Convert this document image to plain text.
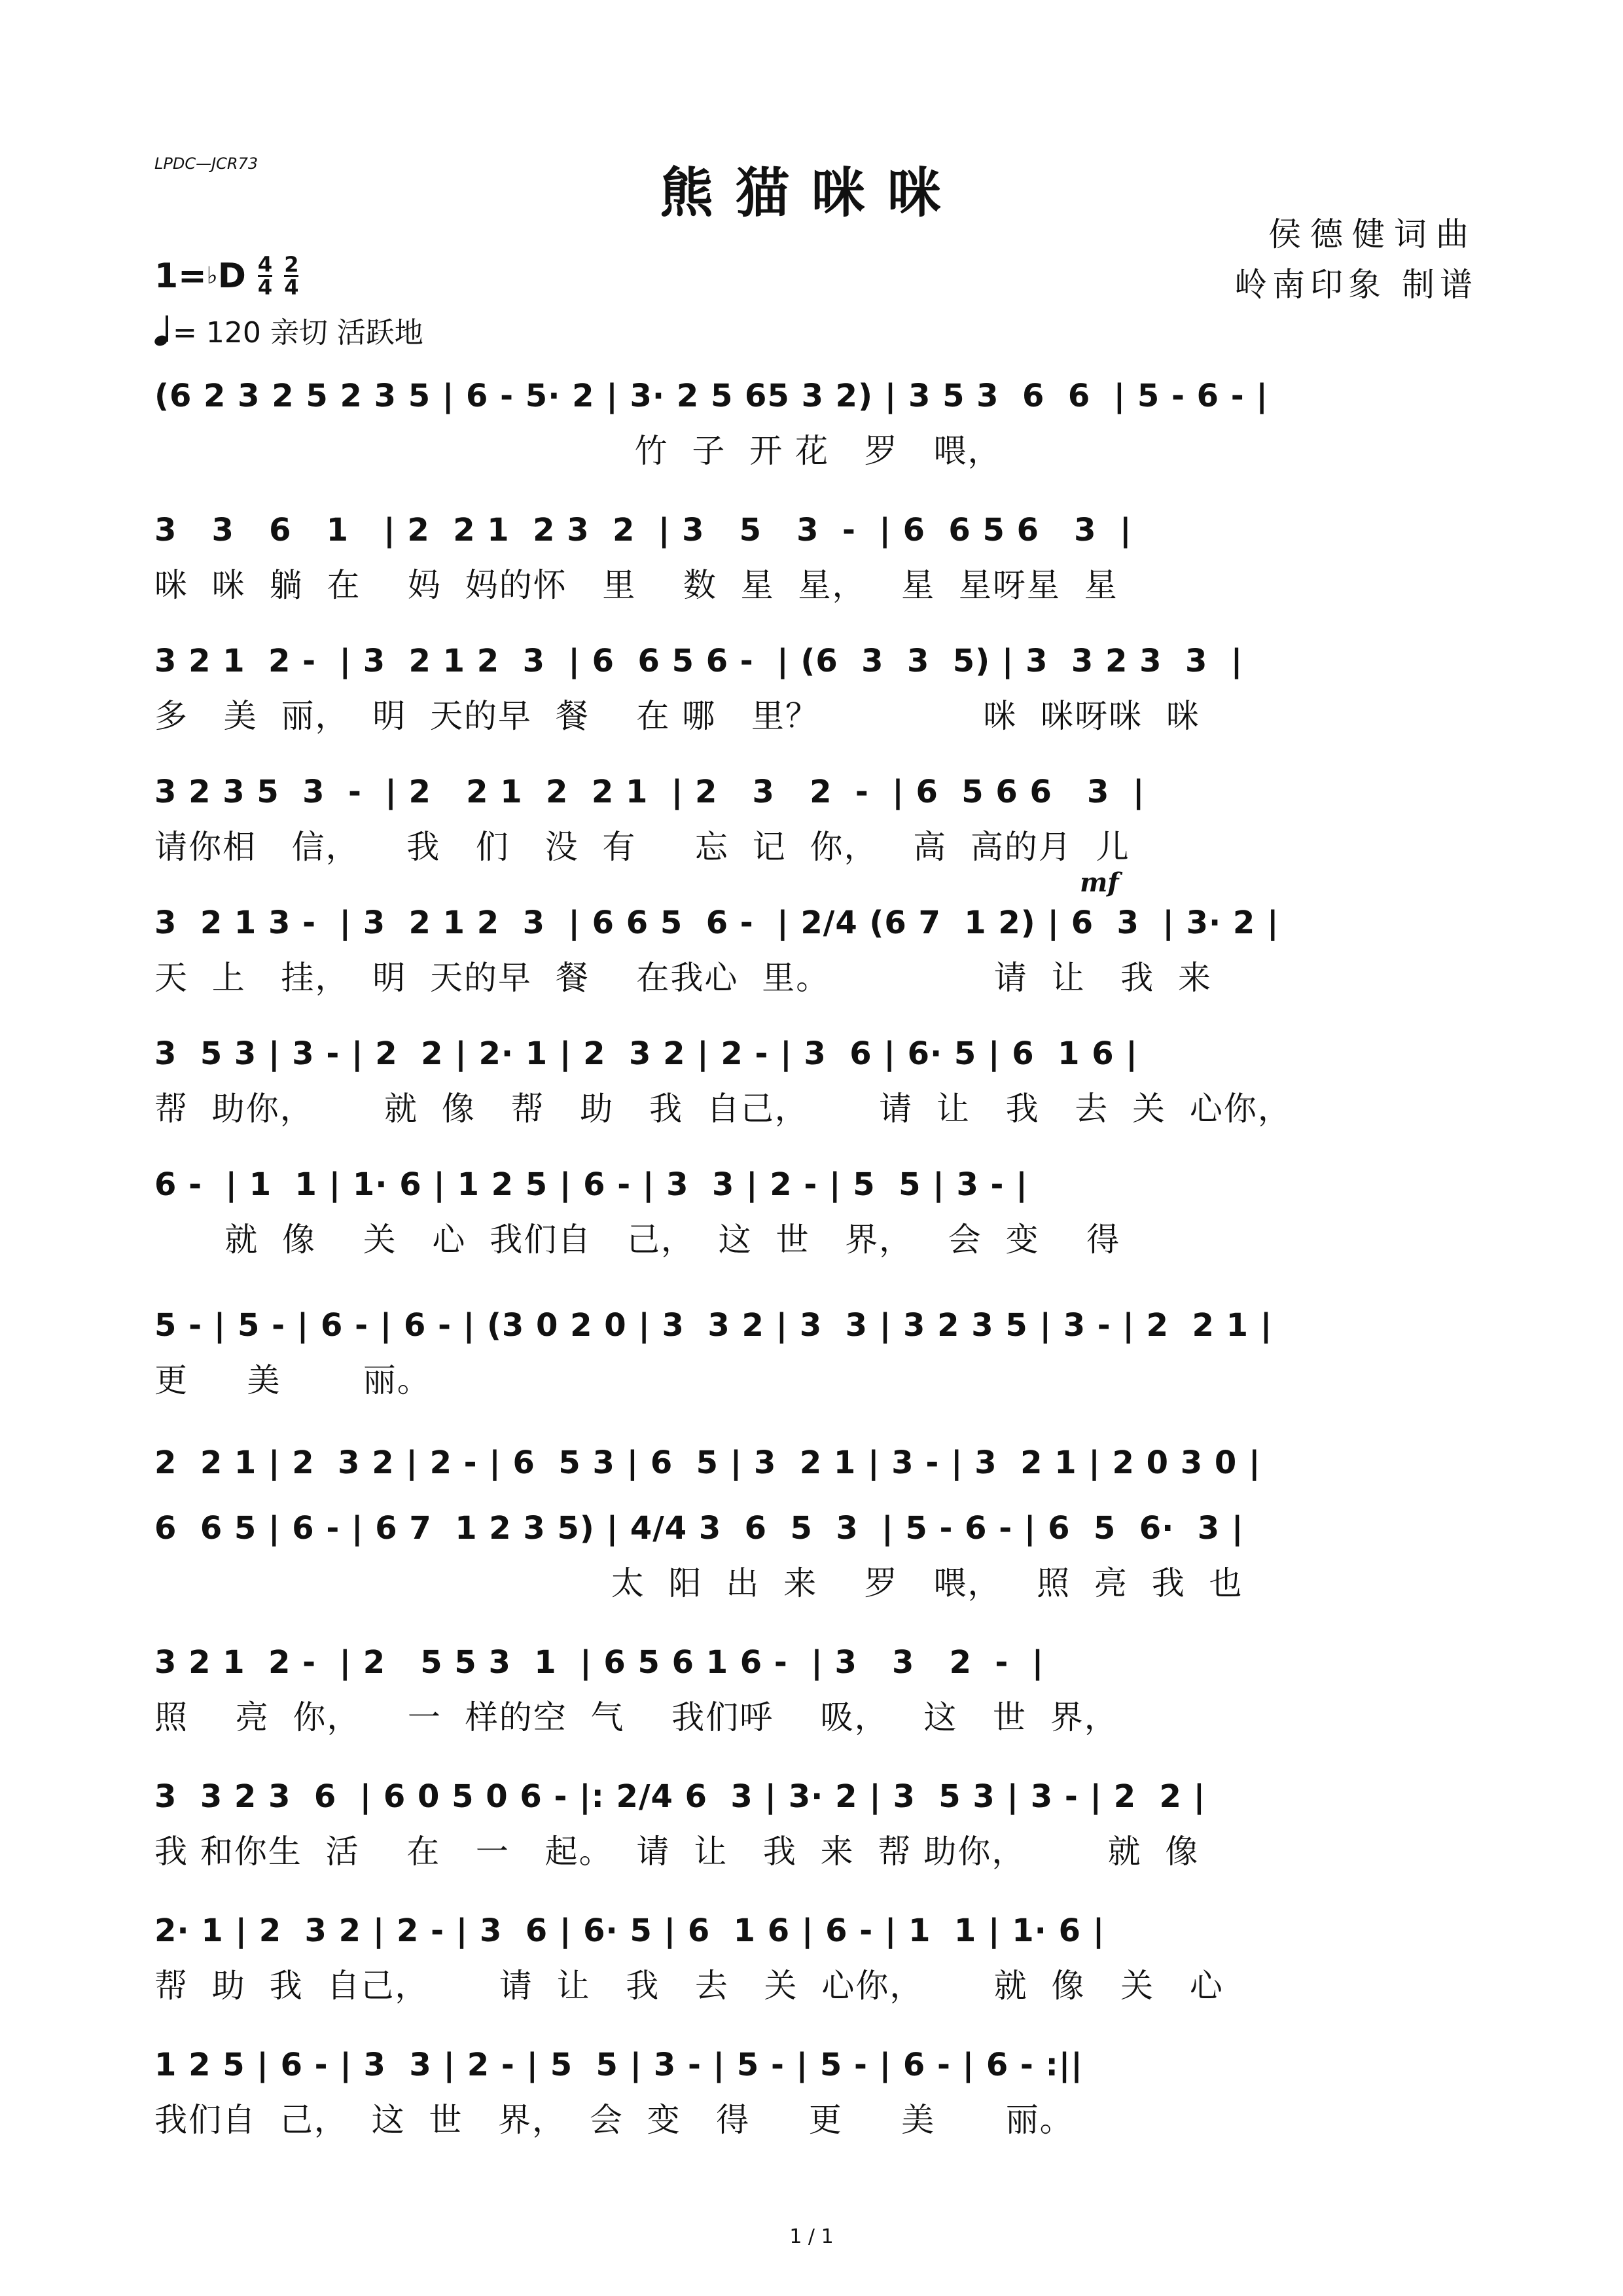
LPDC—JCR73	熊猫咪咪
侯德健词曲
岭南印象 制谱
1= ♭ D $\frac{4}{4} \frac{2}{4}$
= 120 亲切 活跃地
mf
(6 2 3 2 5 2 3 5 | 6 - 5· 2 | 3· 2 5 65 3 2) | 3 5 3  6  6  | 5 - 6 - |
竹  子  开 花   罗   喂，
3   3   6   1   | 2  2 1  2 3  2  | 3   5   3  -  | 6  6 5 6   3  |
咪  咪  躺  在    妈  妈的怀   里    数  星  星，   星  星呀星  星
3 2 1  2 -  | 3  2 1 2  3  | 6  6 5 6 -  | (6  3  3  5) | 3  3 2 3  3  |
多   美  丽，  明  天的早  餐    在 哪   里？              咪  咪呀咪  咪
3 2 3 5  3  -  | 2   2 1  2  2 1  | 2   3   2  -  | 6  5 6 6   3  |
请你相   信，    我   们   没  有     忘  记  你，   高  高的月  儿
3  2 1 3 -  | 3  2 1 2  3  | 6 6 5  6 -  | 2/4 (6 7  1 2) | 6  3  | 3· 2 |
天  上   挂，  明  天的早  餐    在我心  里。              请  让   我  来
3  5 3 | 3 - | 2  2 | 2· 1 | 2  3 2 | 2 - | 3  6 | 6· 5 | 6  1 6 |
帮  助你，      就  像   帮   助   我  自己，      请  让   我   去  关  心你，
6 -  | 1  1 | 1· 6 | 1 2 5 | 6 - | 3  3 | 2 - | 5  5 | 3 - |
就  像    关   心  我们自   己，  这  世   界，   会  变    得
5 - | 5 - | 6 - | 6 - | (3 0 2 0 | 3  3 2 | 3  3 | 3 2 3 5 | 3 - | 2  2 1 |
更     美       丽。
2  2 1 | 2  3 2 | 2 - | 6  5 3 | 6  5 | 3  2 1 | 3 - | 3  2 1 | 2 0 3 0 |
6  6 5 | 6 - | 6 7  1 2 3 5) | 4/4 3  6  5  3  | 5 - 6 - | 6  5  6·  3 |
太  阳  出  来    罗   喂，   照  亮  我  也
3 2 1  2 -  | 2   5 5 3  1  | 6 5 6 1 6 -  | 3   3   2  -  |
照    亮  你，    一  样的空  气    我们呼    吸，   这   世  界，
3  3 2 3  6  | 6 0 5 0 6 - |: 2/4 6  3 | 3· 2 | 3  5 3 | 3 - | 2  2 |
我 和你生  活    在   一   起。  请  让   我  来  帮 助你，       就  像
2· 1 | 2  3 2 | 2 - | 3  6 | 6· 5 | 6  1 6 | 6 - | 1  1 | 1· 6 |
帮  助  我  自己，      请  让   我   去   关  心你，      就  像   关   心
1 2 5 | 6 - | 3  3 | 2 - | 5  5 | 3 - | 5 - | 5 - | 6 - | 6 - :||
我们自  己，  这  世   界，  会  变   得     更     美      丽。
1 / 1
